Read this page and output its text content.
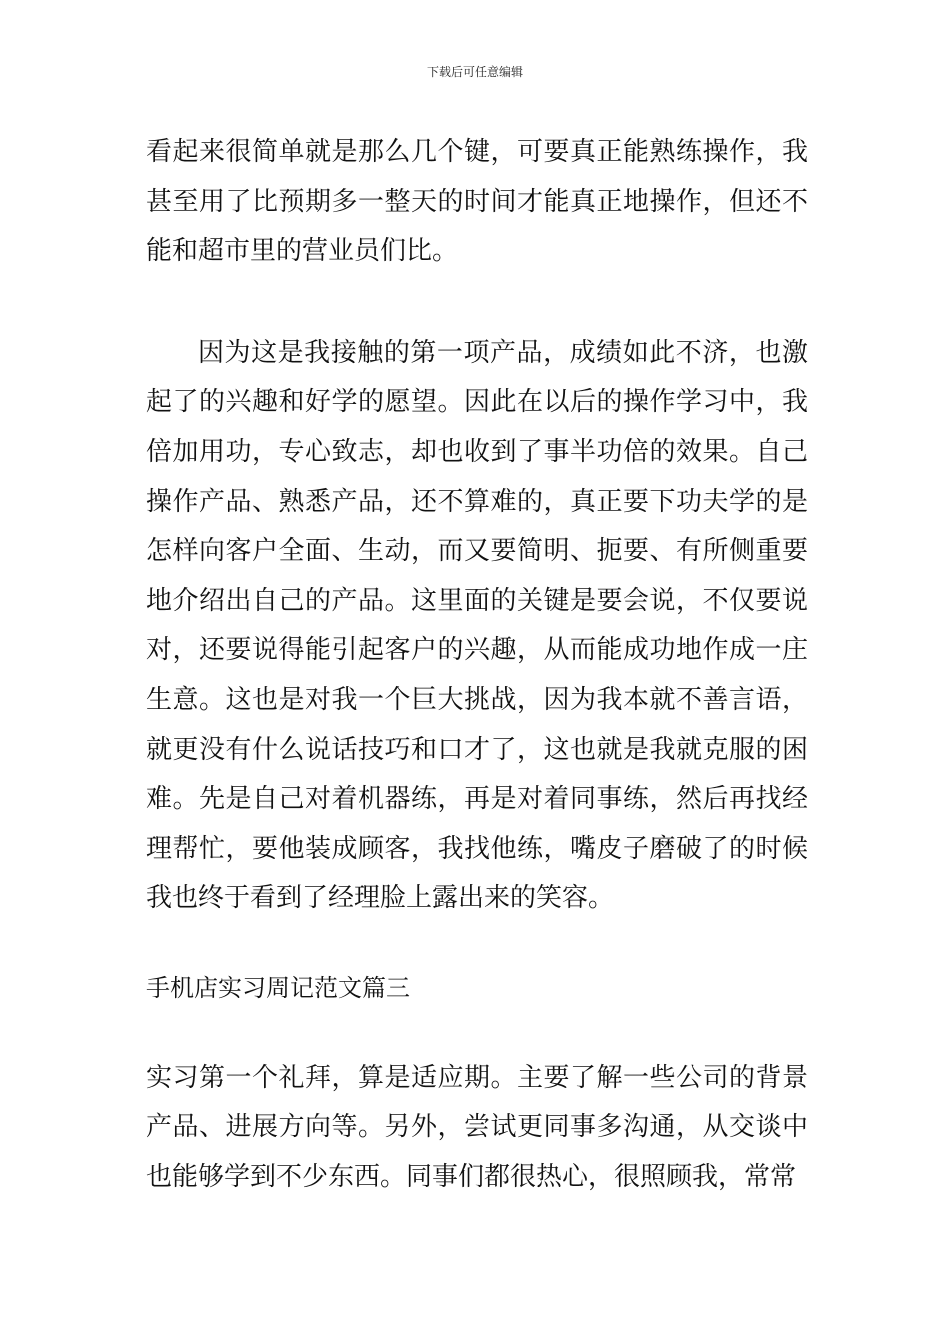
下载后可任意编辑

看起来很简单就是那么几个键，可要真正能熟练操作，我甚至用了比预期多一整天的时间才能真正地操作，但还不能和超市里的营业员们比。

因为这是我接触的第一项产品，成绩如此不济，也激起了的兴趣和好学的愿望。因此在以后的操作学习中，我倍加用功，专心致志，却也收到了事半功倍的效果。自己操作产品、熟悉产品，还不算难的，真正要下功夫学的是怎样向客户全面、生动，而又要简明、扼要、有所侧重要地介绍出自己的产品。这里面的关键是要会说，不仅要说对，还要说得能引起客户的兴趣，从而能成功地作成一庄生意。这也是对我一个巨大挑战，因为我本就不善言语，就更没有什么说话技巧和口才了，这也就是我就克服的困难。先是自己对着机器练，再是对着同事练，然后再找经理帮忙，要他装成顾客，我找他练，嘴皮子磨破了的时候我也终于看到了经理脸上露出来的笑容。

手机店实习周记范文篇三

实习第一个礼拜，算是适应期。主要了解一些公司的背景产品、进展方向等。另外，尝试更同事多沟通，从交谈中也能够学到不少东西。同事们都很热心，很照顾我，常常
